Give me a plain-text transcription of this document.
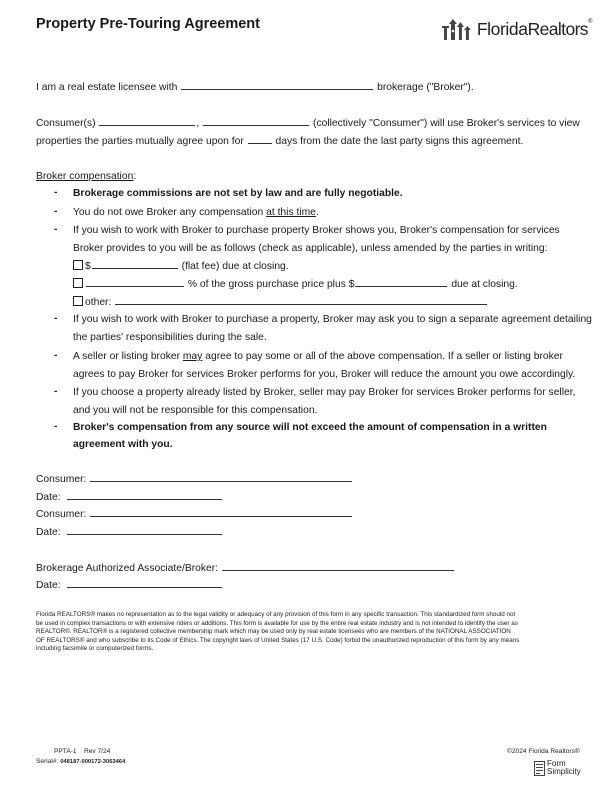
Property Pre-Touring Agreement	FloridaRealtors®
I am a real estate licensee with	brokerage ("Broker").
Consumer(s)	,	(collectively "Consumer") will use Broker's services to view
properties the parties mutually agree upon for	days from the date the last party signs this agreement.
Broker compensation:
- Brokerage commissions are not set by law and are fully negotiable.
- You do not owe Broker any compensation at this time.
- If you wish to work with Broker to purchase property Broker shows you, Broker's compensation for services
Broker provides to you will be as follows (check as applicable), unless amended by the parties in writing:
$	(flat fee) due at closing.
% of the gross purchase price plus $	due at closing.
other:
- If you wish to work with Broker to purchase a property, Broker may ask you to sign a separate agreement detailing
the parties' responsibilities during the sale.
- A seller or listing broker may agree to pay some or all of the above compensation. If a seller or listing broker
agrees to pay Broker for services Broker performs for you, Broker will reduce the amount you owe accordingly.
- If you choose a property already listed by Broker, seller may pay Broker for services Broker performs for seller,
and you will not be responsible for this compensation.
- Broker's compensation from any source will not exceed the amount of compensation in a written
agreement with you.
Consumer:
Date:
Consumer:
Date:
Brokerage Authorized Associate/Broker:
Date:

Florida REALTORS® makes no representation as to the legal validity or adequacy of any provision of this form in any specific transaction. This standardized form should not

be used in complex transactions or with extensive riders or additions. This form is available for use by the entire real estate industry and is not intended to identify the user as

REALTOR®. REALTOR® is a registered collective membership mark which may be used only by real estate licensees who are members of the NATIONAL ASSOCIATION

OF REALTORS® and who subscribe to its Code of Ethics. The copyright laws of United States (17 U.S. Code) forbid the unauthorized reproduction of this form by any means

including facsimile or computerized forms.

PPTA-1 Rev 7/24
Serial#: 048187-000172-3063464
©2024 Florida Realtors®
Form
Simplicity
